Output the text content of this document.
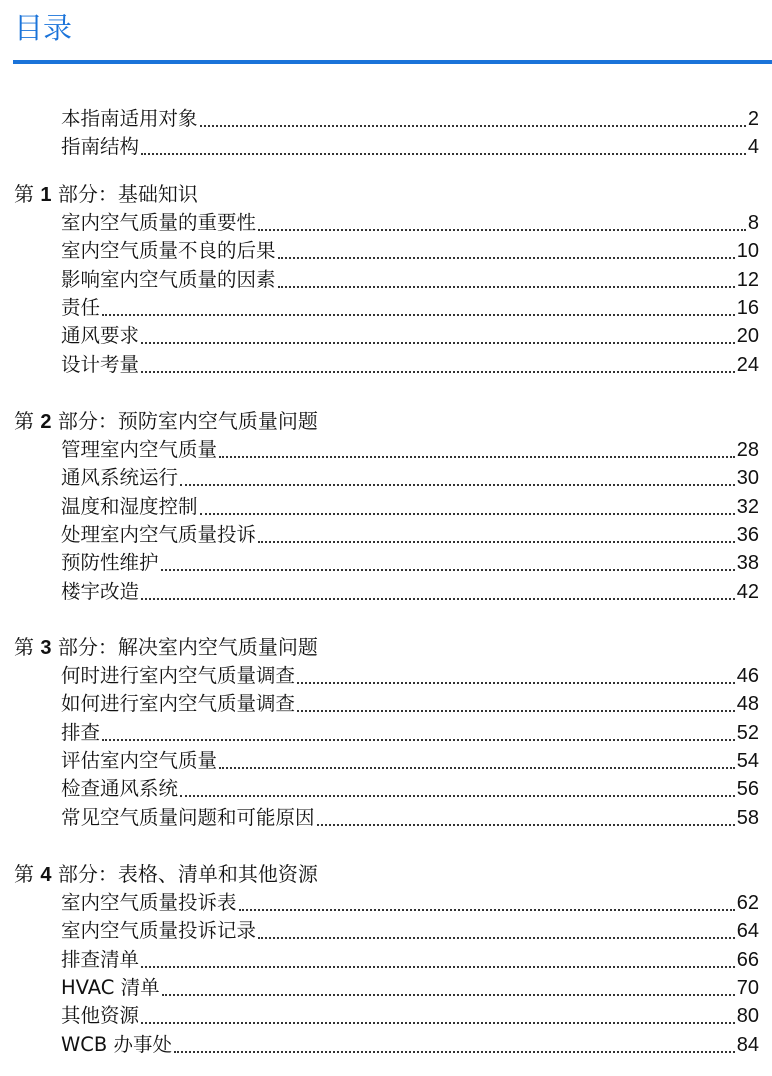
目录
本指南适用对象	2
指南结构	4
第 1 部分：基础知识
室内空气质量的重要性	8
室内空气质量不良的后果	10
影响室内空气质量的因素	12
责任	16
通风要求	20
设计考量	24
第 2 部分：预防室内空气质量问题
管理室内空气质量	28
通风系统运行	30
温度和湿度控制	32
处理室内空气质量投诉	36
预防性维护	38
楼宇改造	42
第 3 部分：解决室内空气质量问题
何时进行室内空气质量调查	46
如何进行室内空气质量调查	48
排查	52
评估室内空气质量	54
检查通风系统	56
常见空气质量问题和可能原因	58
第 4 部分：表格、清单和其他资源
室内空气质量投诉表	62
室内空气质量投诉记录	64
排查清单	66
HVAC 清单	70
其他资源	80
WCB 办事处	84
